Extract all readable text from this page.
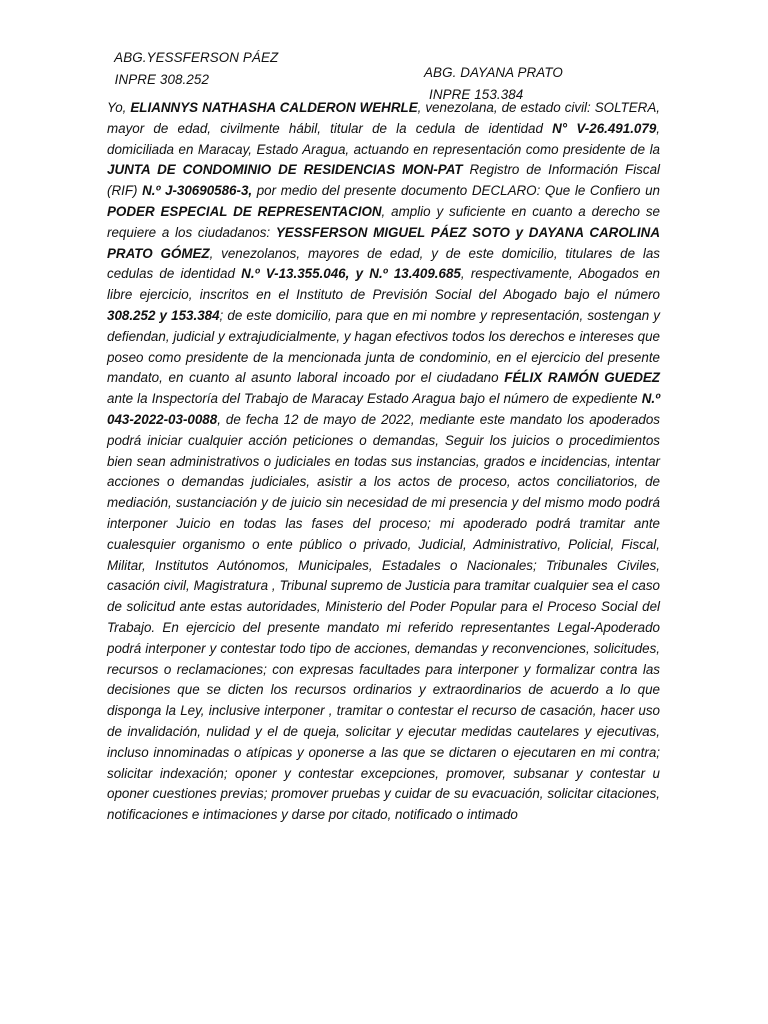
ABG.YESSFERSON PÁEZ

ABG. DAYANA PRATO

INPRE 308.252

INPRE 153.384

Yo, ELIANNYS NATHASHA CALDERON WEHRLE, venezolana, de estado civil: SOLTERA, mayor de edad, civilmente hábil, titular de la cedula de identidad N° V-26.491.079, domiciliada en Maracay, Estado Aragua, actuando en representación como presidente de la JUNTA DE CONDOMINIO DE RESIDENCIAS MON-PAT Registro de Información Fiscal (RIF) N.º J-30690586-3, por medio del presente documento DECLARO: Que le Confiero un PODER ESPECIAL DE REPRESENTACION, amplio y suficiente en cuanto a derecho se requiere a los ciudadanos: YESSFERSON MIGUEL PÁEZ SOTO y DAYANA CAROLINA PRATO GÓMEZ, venezolanos, mayores de edad, y de este domicilio, titulares de las cedulas de identidad N.º V-13.355.046, y N.º 13.409.685, respectivamente, Abogados en libre ejercicio, inscritos en el Instituto de Previsión Social del Abogado bajo el número 308.252 y 153.384; de este domicilio, para que en mi nombre y representación, sostengan y defiendan, judicial y extrajudicialmente, y hagan efectivos todos los derechos e intereses que poseo como presidente de la mencionada junta de condominio, en el ejercicio del presente mandato, en cuanto al asunto laboral incoado por el ciudadano FÉLIX RAMÓN GUEDEZ ante la Inspectoría del Trabajo de Maracay Estado Aragua bajo el número de expediente N.º 043-2022-03-0088, de fecha 12 de mayo de 2022, mediante este mandato los apoderados podrá iniciar cualquier acción peticiones o demandas, Seguir los juicios o procedimientos bien sean administrativos o judiciales en todas sus instancias, grados e incidencias, intentar acciones o demandas judiciales, asistir a los actos de proceso, actos conciliatorios, de mediación, sustanciación y de juicio sin necesidad de mi presencia y del mismo modo podrá interponer Juicio en todas las fases del proceso; mi apoderado podrá tramitar ante cualesquier organismo o ente público o privado, Judicial, Administrativo, Policial, Fiscal, Militar, Institutos Autónomos, Municipales, Estadales o Nacionales; Tribunales Civiles, casación civil, Magistratura , Tribunal supremo de Justicia para tramitar cualquier sea el caso de solicitud ante estas autoridades, Ministerio del Poder Popular para el Proceso Social del Trabajo. En ejercicio del presente mandato mi referido representantes Legal-Apoderado podrá interponer y contestar todo tipo de acciones, demandas y reconvenciones, solicitudes, recursos o reclamaciones; con expresas facultades para interponer y formalizar contra las decisiones que se dicten los recursos ordinarios y extraordinarios de acuerdo a lo que disponga la Ley, inclusive interponer , tramitar o contestar el recurso de casación, hacer uso de invalidación, nulidad y el de queja, solicitar y ejecutar medidas cautelares y ejecutivas, incluso innominadas o atípicas y oponerse a las que se dictaren o ejecutaren en mi contra; solicitar indexación; oponer y contestar excepciones, promover, subsanar y contestar u oponer cuestiones previas; promover pruebas y cuidar de su evacuación, solicitar citaciones, notificaciones e intimaciones y darse por citado, notificado o intimado
